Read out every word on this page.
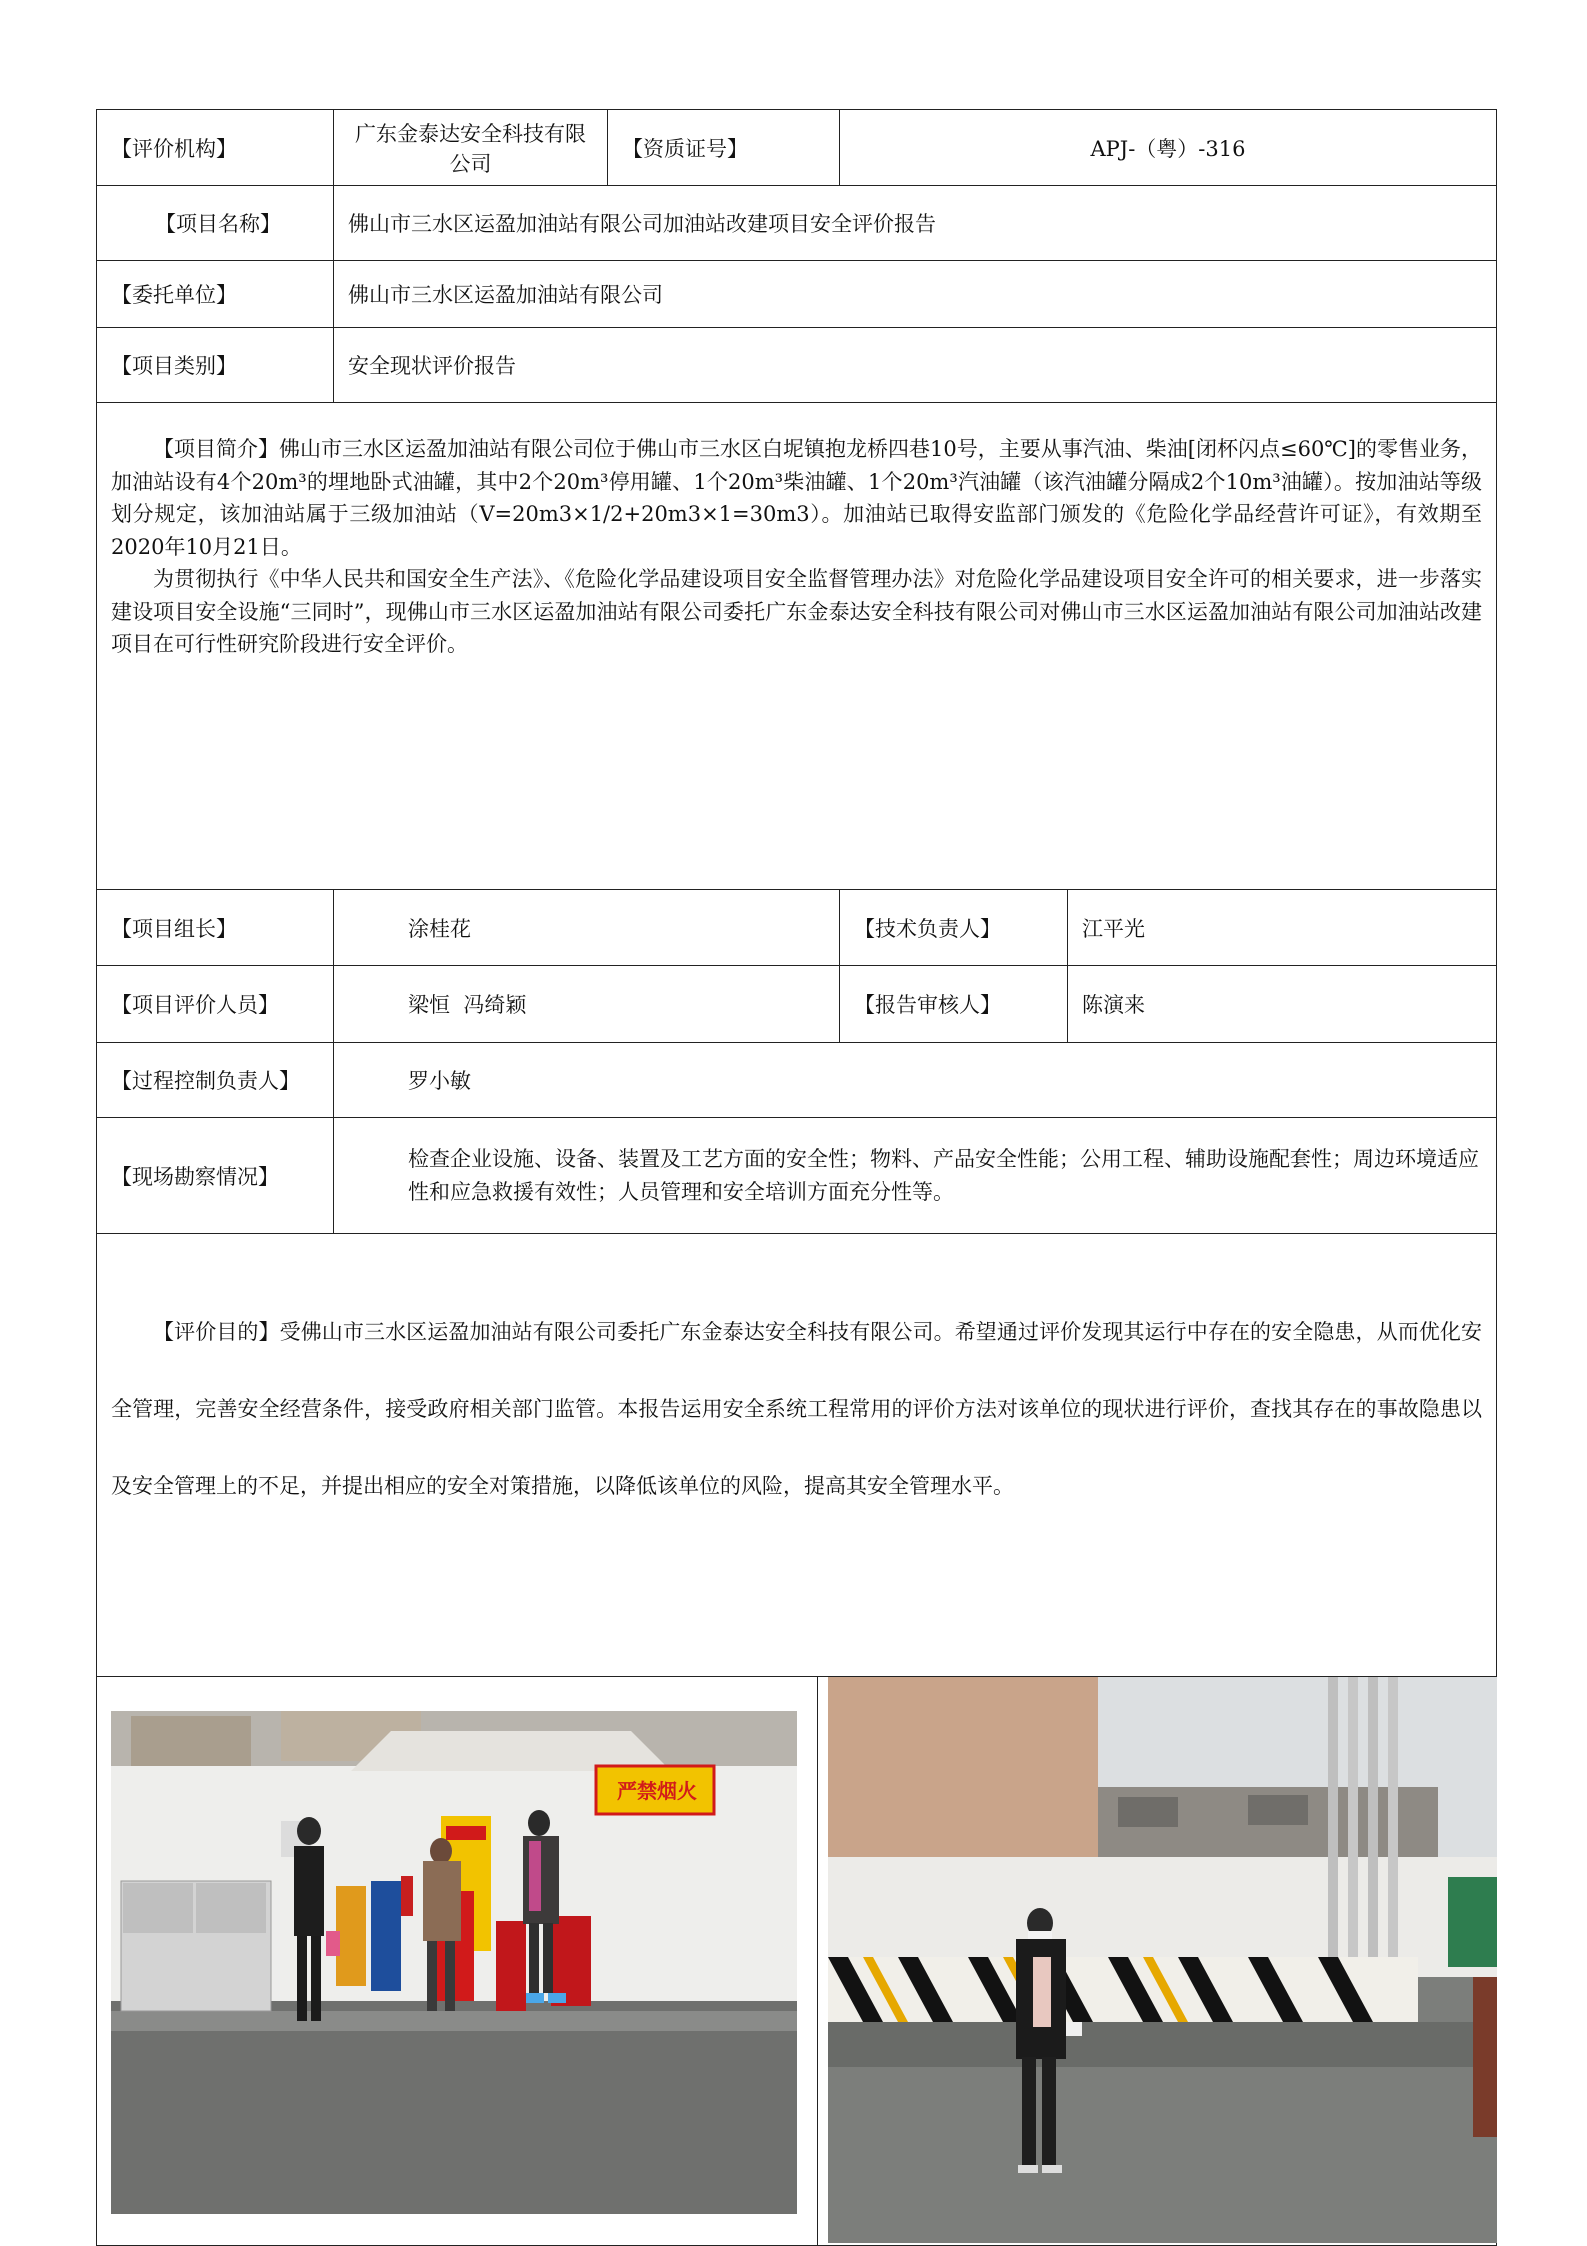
【评价机构】	广东金泰达安全科技有限公司	【资质证号】	APJ-（粤）-316	
【项目名称】	佛山市三水区运盈加油站有限公司加油站改建项目安全评价报告			
【委托单位】	佛山市三水区运盈加油站有限公司			
【项目类别】	安全现状评价报告			

【项目简介】佛山市三水区运盈加油站有限公司位于佛山市三水区白坭镇抱龙桥四巷10号，主要从事汽油、柴油[闭杯闪点≤60℃]的零售业务，加油站设有4个20m³的埋地卧式油罐，其中2个20m³停用罐、1个20m³柴油罐、1个20m³汽油罐（该汽油罐分隔成2个10m³油罐）。按加油站等级划分规定，该加油站属于三级加油站（V=20m3×1/2+20m3×1=30m3）。加油站已取得安监部门颁发的《危险化学品经营许可证》，有效期至2020年10月21日。

为贯彻执行《中华人民共和国安全生产法》、《危险化学品建设项目安全监督管理办法》对危险化学品建设项目安全许可的相关要求，进一步落实建设项目安全设施“三同时”，现佛山市三水区运盈加油站有限公司委托广东金泰达安全科技有限公司对佛山市三水区运盈加油站有限公司加油站改建项目在可行性研究阶段进行安全评价。				

【项目组长】	涂桂花		【技术负责人】	江平光
【项目评价人员】	梁恒  冯绮颖		【报告审核人】	陈演来
【过程控制负责人】	罗小敏			
【现场勘察情况】	检查企业设施、设备、装置及工艺方面的安全性；物料、产品安全性能；公用工程、辅助设施配套性；周边环境适应性和应急救援有效性；人员管理和安全培训方面充分性等。			

【评价目的】受佛山市三水区运盈加油站有限公司委托广东金泰达安全科技有限公司。希望通过评价发现其运行中存在的安全隐患，从而优化安全管理，完善安全经营条件，接受政府相关部门监管。本报告运用安全系统工程常用的评价方法对该单位的现状进行评价，查找其存在的事故隐患以及安全管理上的不足，并提出相应的安全对策措施，以降低该单位的风险，提高其安全管理水平。				

严禁烟火				
